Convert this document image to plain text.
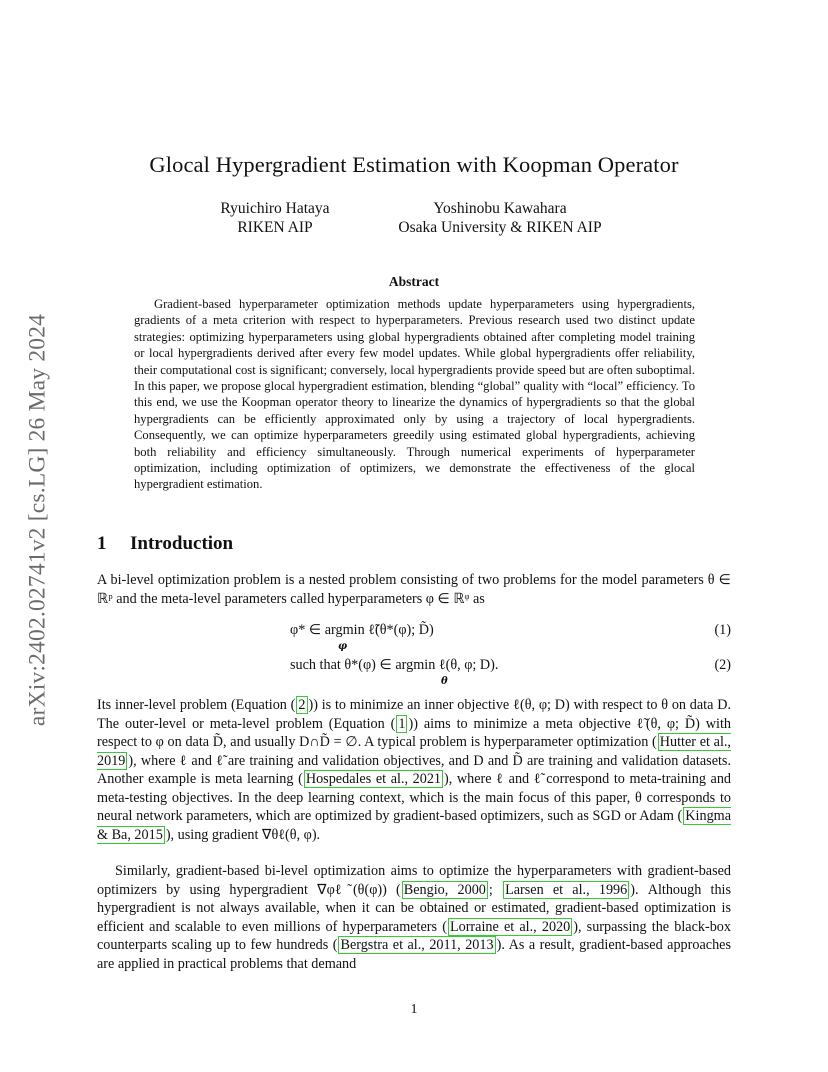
arXiv:2402.02741v2 [cs.LG] 26 May 2024
Glocal Hypergradient Estimation with Koopman Operator
Ryuichiro Hataya
RIKEN AIP
Yoshinobu Kawahara
Osaka University & RIKEN AIP
Abstract
Gradient-based hyperparameter optimization methods update hyperparameters using hypergradients, gradients of a meta criterion with respect to hyperparameters. Previous research used two distinct update strategies: optimizing hyperparameters using global hypergradients obtained after completing model training or local hypergradients derived after every few model updates. While global hypergradients offer reliability, their computational cost is significant; conversely, local hypergradients provide speed but are often suboptimal. In this paper, we propose glocal hypergradient estimation, blending “global” quality with “local” efficiency. To this end, we use the Koopman operator theory to linearize the dynamics of hypergradients so that the global hypergradients can be efficiently approximated only by using a trajectory of local hypergradients. Consequently, we can optimize hyperparameters greedily using estimated global hypergradients, achieving both reliability and efficiency simultaneously. Through numerical experiments of hyperparameter optimization, including optimization of optimizers, we demonstrate the effectiveness of the glocal hypergradient estimation.
1 Introduction
A bi-level optimization problem is a nested problem consisting of two problems for the model parameters θ ∈ ℝᵖ and the meta-level parameters called hyperparameters φ ∈ ℝᵠ as
φ* ∈ argmin ℓ̃(θ*(φ); D̃)
φ
(1)
such that θ*(φ) ∈ argmin ℓ(θ, φ; D).
θ
(2)
Its inner-level problem (Equation ( 2 )) is to minimize an inner objective ℓ(θ, φ; D) with respect to θ on data D. The outer-level or meta-level problem (Equation ( 1 )) aims to minimize a meta objective ℓ̃(θ, φ; D̃) with respect to φ on data D̃, and usually D∩D̃ = ∅. A typical problem is hyperparameter optimization ( Hutter et al., 2019 ), where ℓ and ℓ̃ are training and validation objectives, and D and D̃ are training and validation datasets. Another example is meta learning ( Hospedales et al., 2021 ), where ℓ and ℓ̃ correspond to meta-training and meta-testing objectives. In the deep learning context, which is the main focus of this paper, θ corresponds to neural network parameters, which are optimized by gradient-based optimizers, such as SGD or Adam ( Kingma & Ba, 2015 ), using gradient ∇θℓ(θ, φ).
Similarly, gradient-based bi-level optimization aims to optimize the hyperparameters with gradient-based optimizers by using hypergradient ∇φℓ̃(θ(φ)) ( Bengio, 2000 ; Larsen et al., 1996 ). Although this hypergradient is not always available, when it can be obtained or estimated, gradient-based optimization is efficient and scalable to even millions of hyperparameters ( Lorraine et al., 2020 ), surpassing the black-box counterparts scaling up to few hundreds ( Bergstra et al., 2011, 2013 ). As a result, gradient-based approaches are applied in practical problems that demand
1
